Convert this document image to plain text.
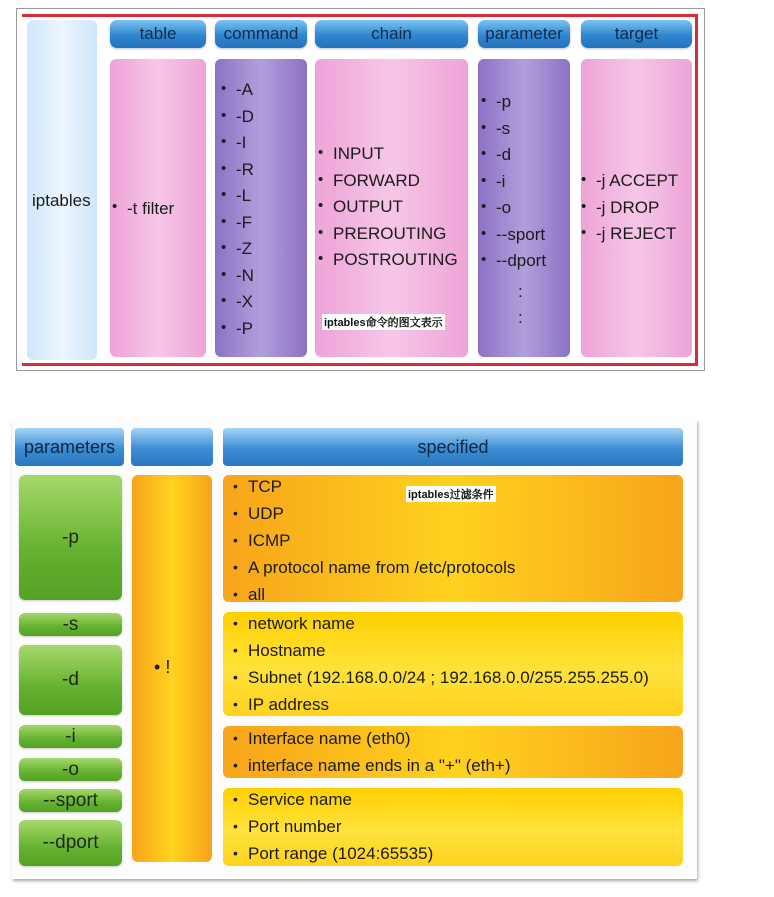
table	command	chain	parameter	target
iptables
•	-t filter
• -A
• -D
• -I
• -R
• -L
• -F
• -Z
• -N
• -X
• -P
• INPUT
• FORWARD
• OUTPUT
• PREROUTING
• POSTROUTING
• -p
• -s
• -d
• -i
• -o
• --sport
• --dport
:
:
• -j ACCEPT
• -j DROP
• -j REJECT
iptables命令的图文表示
parameters	specified
-p
-s
-d
-i
-o
--sport
--dport
• !
• TCP
• UDP
• ICMP
• A protocol name from /etc/protocols
• all
• network name
• Hostname
• Subnet (192.168.0.0/24 ; 192.168.0.0/255.255.255.0)
• IP address
• Interface name (eth0)
• interface name ends in a "+" (eth+)
• Service name
• Port number
• Port range (1024:65535)
iptables过滤条件
